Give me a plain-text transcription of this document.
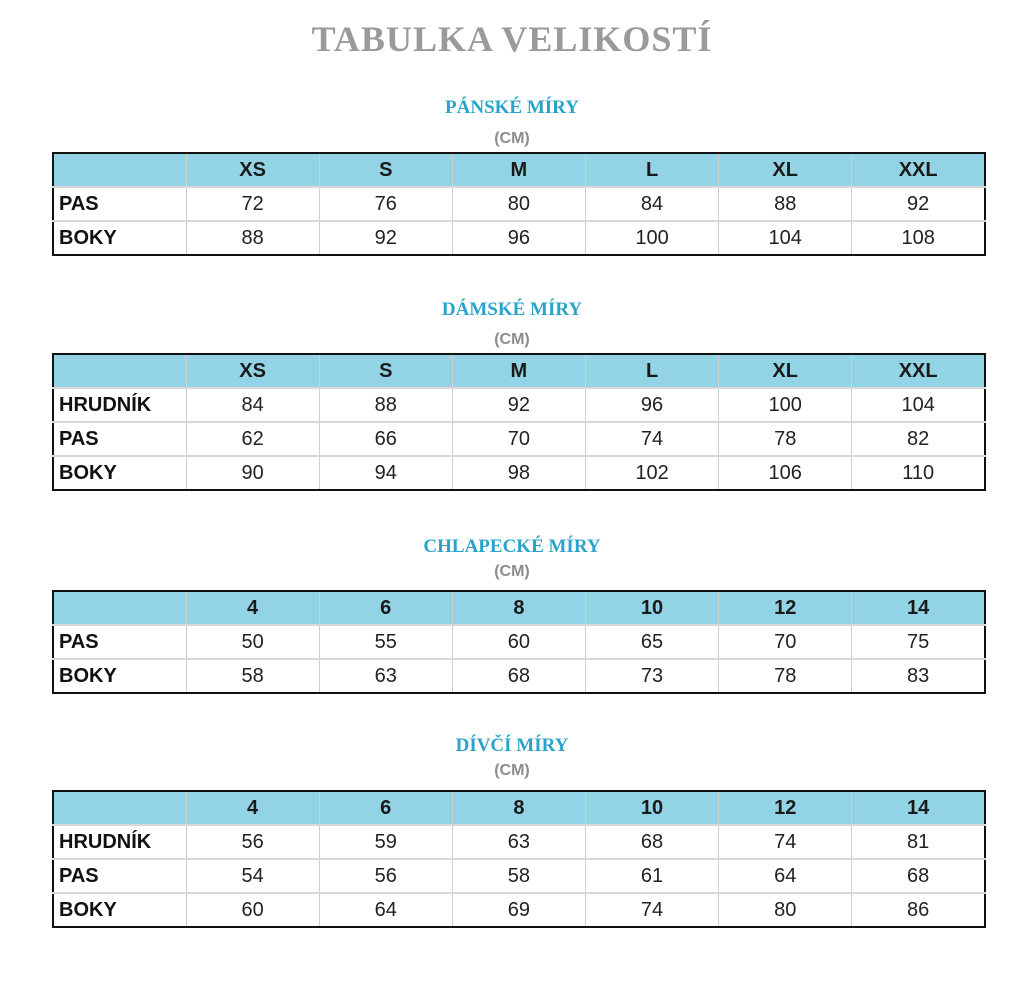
TABULKA VELIKOSTÍ
PÁNSKÉ MÍRY
(CM)
	XS	S	M	L	XL	XXL
PAS	72	76	80	84	88	92
BOKY	88	92	96	100	104	108
DÁMSKÉ MÍRY
(CM)
	XS	S	M	L	XL	XXL
HRUDNÍK	84	88	92	96	100	104
PAS	62	66	70	74	78	82
BOKY	90	94	98	102	106	110
CHLAPECKÉ MÍRY
(CM)
	4	6	8	10	12	14
PAS	50	55	60	65	70	75
BOKY	58	63	68	73	78	83
DÍVČÍ MÍRY
(CM)
	4	6	8	10	12	14
HRUDNÍK	56	59	63	68	74	81
PAS	54	56	58	61	64	68
BOKY	60	64	69	74	80	86
